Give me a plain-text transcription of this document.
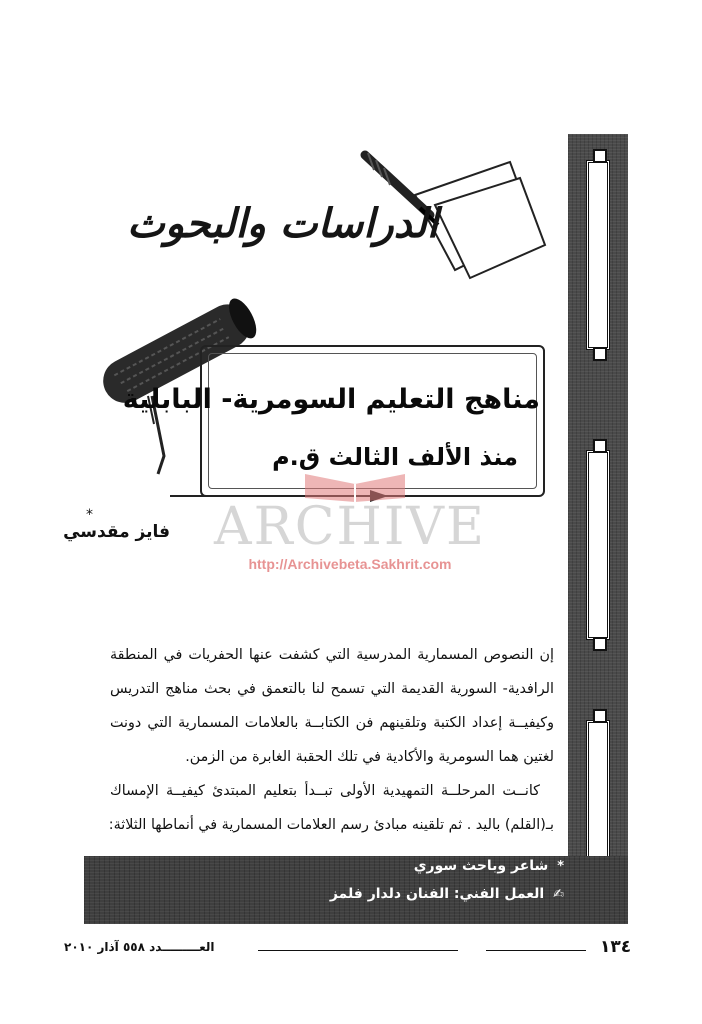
الدراسات والبحوث
مناهج التعليم السومرية- البابلية
منذ الألف الثالث ق.م
ARCHIVE
http://Archivebeta.Sakhrit.com
*
فايز مقدسي
إن النصوص المسمارية المدرسية التي كشفت عنها الحفريات في المنطقة
الرافدية- السورية القديمة التي تسمح لنا بالتعمق في بحث مناهج التدريس
وكيفيــة إعداد الكتبة وتلقينهم فن الكتابــة بالعلامات المسمارية التي دونت
لغتين هما السومرية والأكادية في تلك الحقبة الغابرة من الزمن.
كانــت المرحلــة التمهيدية الأولى تبــدأ بتعليم المبتدئ كيفيــة الإمساك
بـ(القلم) باليد . ثم تلقينه مبادئ رسم العلامات المسمارية في أنماطها الثلاثة:
* شاعر وباحث سوري
✍ العمل الفني: الفنان دلدار فلمز
١٣٤
العـــــــــدد ٥٥٨ آذار ٢٠١٠
